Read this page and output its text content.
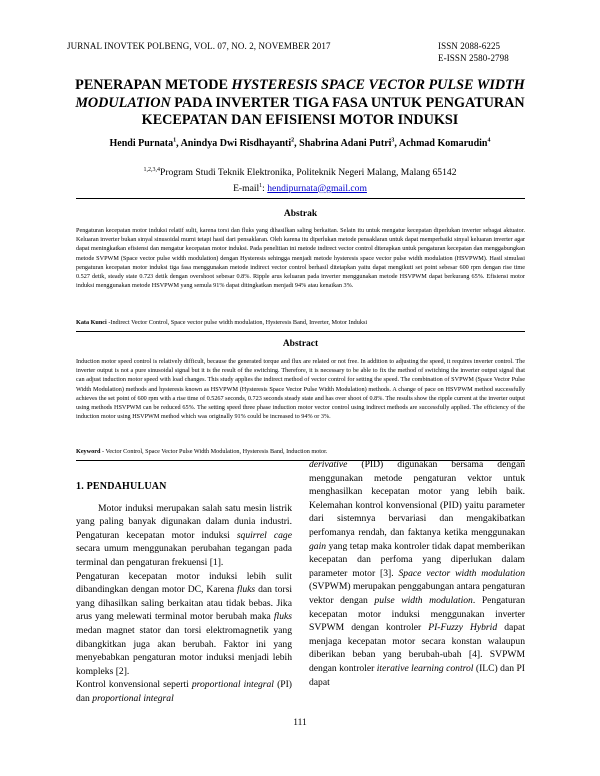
JURNAL INOVTEK POLBENG, VOL. 07, NO. 2, NOVEMBER 2017	ISSN 2088-6225
E-ISSN 2580-2798
PENERAPAN METODE HYSTERESIS SPACE VECTOR PULSE WIDTH MODULATION PADA INVERTER TIGA FASA UNTUK PENGATURAN KECEPATAN DAN EFISIENSI MOTOR INDUKSI
Hendi Purnata$^1$, Anindya Dwi Risdhayanti$^2$, Shabrina Adani Putri$^3$, Achmad Komarudin$^4$
$^{1,2,3,4}$Program Studi Teknik Elektronika, Politeknik Negeri Malang, Malang 65142
E-mail$^1$: hendipurnata@gmail.com
Abstrak
Pengaturan kecepatan motor induksi relatif sulit, karena torsi dan fluks yang dihasilkan saling berkaitan. Selain itu untuk mengatur kecepatan diperlukan inverter sebagai aktuator. Keluaran inverter bukan sinyal sinusoidal murni tetapi hasil dari pensaklaran. Oleh karena itu diperlukan metode pensaklaran untuk dapat memperbaiki sinyal keluaran inverter agar dapat meningkatkan efisiensi dan mengatur kecepatan motor induksi. Pada penelitian ini metode indirect vector control diterapkan untuk pengaturan kecepatan dan menggabungkan metode SVPWM (Space vector pulse width modulation) dengan Hysteresis sehingga menjadi metode hysteresis space vector pulse width modulation (HSVPWM). Hasil simulasi pengaturan kecepatan motor induksi tiga fasa menggunakan metode indirect vector control berhasil ditetapkan yaitu dapat mengikuti set point sebesar 600 rpm dengan rise time 0.527 detik, steady state 0.723 detik dengan overshoot sebesar 0.8%. Ripple arus keluaran pada inverter menggunakan metode HSVPWM dapat berkurang 65%. Efisiensi motor induksi menggunakan metode HSVPWM yang semula 91% dapat ditingkatkan menjadi 94% atau kenaikan 3%.
Kata Kunci -Indirect Vector Control, Space vector pulse width modulation, Hysteresis Band, Inverter, Motor Induksi
Abstract
Induction motor speed control is relatively difficult, because the generated torque and flux are related or not free. In addition to adjusting the speed, it requires inverter control. The inverter output is not a pure sinusoidal signal but it is the result of the switching. Therefore, it is necessary to be able to fix the method of switching the inverter output signal that can adjust induction motor speed with load changes. This study applies the indirect method of vector control for setting the speed. The combination of SVPWM (Space Vector Pulse Width Modulation) methods and hysteresis known as HSVPWM (Hysteresis Space Vector Pulse Width Modulation) methods. A change of pace on HSVPWM method successfully achieves the set point of 600 rpm with a rise time of 0.5267 seconds, 0.723 seconds steady state and has over shoot of 0.8%. The results show the ripple current at the inverter output using methods HSVPWM can be reduced 65%. The setting speed three phase induction motor vector control using indirect methods are successfully applied. The efficiency of the induction motor using HSVPWM method which was originally 91% could be increased to 94% or 3%.
Keyword - Vector Control, Space Vector Pulse Width Modulation, Hysteresis Band, Induction motor.
1. PENDAHULUAN

Motor induksi merupakan salah satu mesin listrik yang paling banyak digunakan dalam dunia industri. Pengaturan kecepatan motor induksi squirrel cage secara umum menggunakan perubahan tegangan pada terminal dan pengaturan frekuensi [1].

Pengaturan kecepatan motor induksi lebih sulit dibandingkan dengan motor DC, Karena fluks dan torsi yang dihasilkan saling berkaitan atau tidak bebas. Jika arus yang melewati terminal motor berubah maka fluks medan magnet stator dan torsi elektromagnetik yang dibangkitkan juga akan berubah. Faktor ini yang menyebabkan pengaturan motor induksi menjadi lebih kompleks [2].

Kontrol konvensional seperti proportional integral (PI) dan proportional integral

derivative (PID) digunakan bersama dengan menggunakan metode pengaturan vektor untuk menghasilkan kecepatan motor yang lebih baik. Kelemahan kontrol konvensional (PID) yaitu parameter dari sistemnya bervariasi dan mengakibatkan perfomanya rendah, dan faktanya ketika menggunakan gain yang tetap maka kontroler tidak dapat memberikan kecepatan dan perfoma yang diperlukan dalam parameter motor [3]. Space vector width modulation (SVPWM) merupakan penggabungan antara pengaturan vektor dengan pulse width modulation. Pengaturan kecepatan motor induksi menggunakan inverter SVPWM dengan kontroler PI-Fuzzy Hybrid dapat menjaga kecepatan motor secara konstan walaupun diberikan beban yang berubah-ubah [4]. SVPWM dengan kontroler iterative learning control (ILC) dan PI dapat

111
